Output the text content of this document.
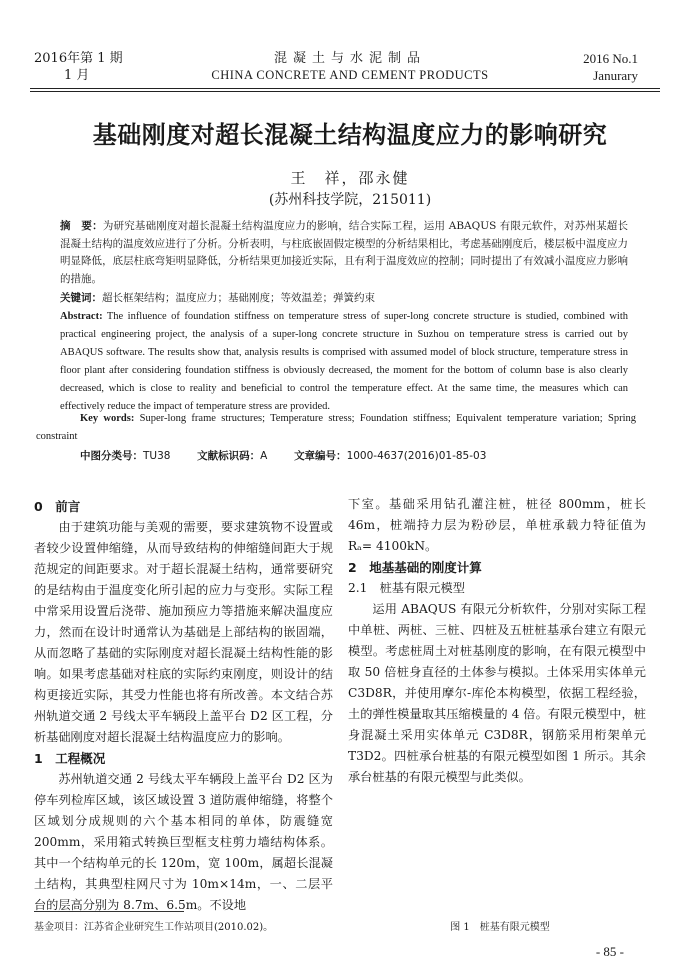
2016年第 1 期
1 月
混凝土与水泥制品
CHINA CONCRETE AND CEMENT PRODUCTS
2016 No.1
Janurary
基础刚度对超长混凝土结构温度应力的影响研究
王　祥，邵永健
(苏州科技学院，215011)
摘　要：为研究基础刚度对超长混凝土结构温度应力的影响，结合实际工程，运用 ABAQUS 有限元软件，对苏州某超长混凝土结构的温度效应进行了分析。分析表明，与柱底嵌固假定模型的分析结果相比，考虑基础刚度后，楼层板中温度应力明显降低，底层柱底弯矩明显降低，分析结果更加接近实际，且有利于温度效应的控制；同时提出了有效减小温度应力影响的措施。
关键词：超长框架结构；温度应力；基础刚度；等效温差；弹簧约束
Abstract: The influence of foundation stiffness on temperature stress of super-long concrete structure is studied, combined with practical engineering project, the analysis of a super-long concrete structure in Suzhou on temperature stress is carried out by ABAQUS software. The results show that, analysis results is comprised with assumed model of block structure, temperature stress in floor plant after considering foundation stiffness is obviously decreased, the moment for the bottom of column base is also clearly decreased, which is close to reality and beneficial to control the temperature effect. At the same time, the measures which can effectively reduce the impact of temperature stress are provided.
Key words: Super-long frame structures; Temperature stress; Foundation stiffness; Equivalent temperature variation; Spring constraint
中图分类号：TU38	文献标识码：A	文章编号：1000-4637(2016)01-85-03
0　前言

由于建筑功能与美观的需要，要求建筑物不设置或者较少设置伸缩缝，从而导致结构的伸缩缝间距大于规范规定的间距要求。对于超长混凝土结构，通常要研究的是结构由于温度变化所引起的应力与变形。实际工程中常采用设置后浇带、施加预应力等措施来解决温度应力，然而在设计时通常认为基础是上部结构的嵌固端，从而忽略了基础的实际刚度对超长混凝土结构性能的影响。如果考虑基础对柱底的实际约束刚度，则设计的结构更接近实际，其受力性能也将有所改善。本文结合苏州轨道交通 2 号线太平车辆段上盖平台 D2 区工程，分析基础刚度对超长混凝土结构温度应力的影响。

1　工程概况

苏州轨道交通 2 号线太平车辆段上盖平台 D2 区为停车列检库区域，该区域设置 3 道防震伸缩缝，将整个区域划分成规则的六个基本相同的单体，防震缝宽 200mm，采用箱式转换巨型框支柱剪力墙结构体系。其中一个结构单元的长 120m，宽 100m，属超长混凝土结构，其典型柱网尺寸为 10m×14m，一、二层平台的层高分别为 8.7m、6.5m。不设地

下室。基础采用钻孔灌注桩，桩径 800mm，桩长 46m，桩端持力层为粉砂层，单桩承载力特征值为 Rₐ= 4100kN。

2　地基基础的刚度计算
2.1　桩基有限元模型

运用 ABAQUS 有限元分析软件，分别对实际工程中单桩、两桩、三桩、四桩及五桩桩基承台建立有限元模型。考虑桩周土对桩基刚度的影响，在有限元模型中取 50 倍桩身直径的土体参与模拟。土体采用实体单元 C3D8R，并使用摩尔-库伦本构模型，依据工程经验，土的弹性模量取其压缩模量的 4 倍。有限元模型中，桩身混凝土采用实体单元 C3D8R，钢筋采用桁架单元 T3D2。四桩承台桩基的有限元模型如图 1 所示。其余承台桩基的有限元模型与此类似。

基金项目：江苏省企业研究生工作站项目(2010.02)。	图 1　桩基有限元模型
- 85 -
